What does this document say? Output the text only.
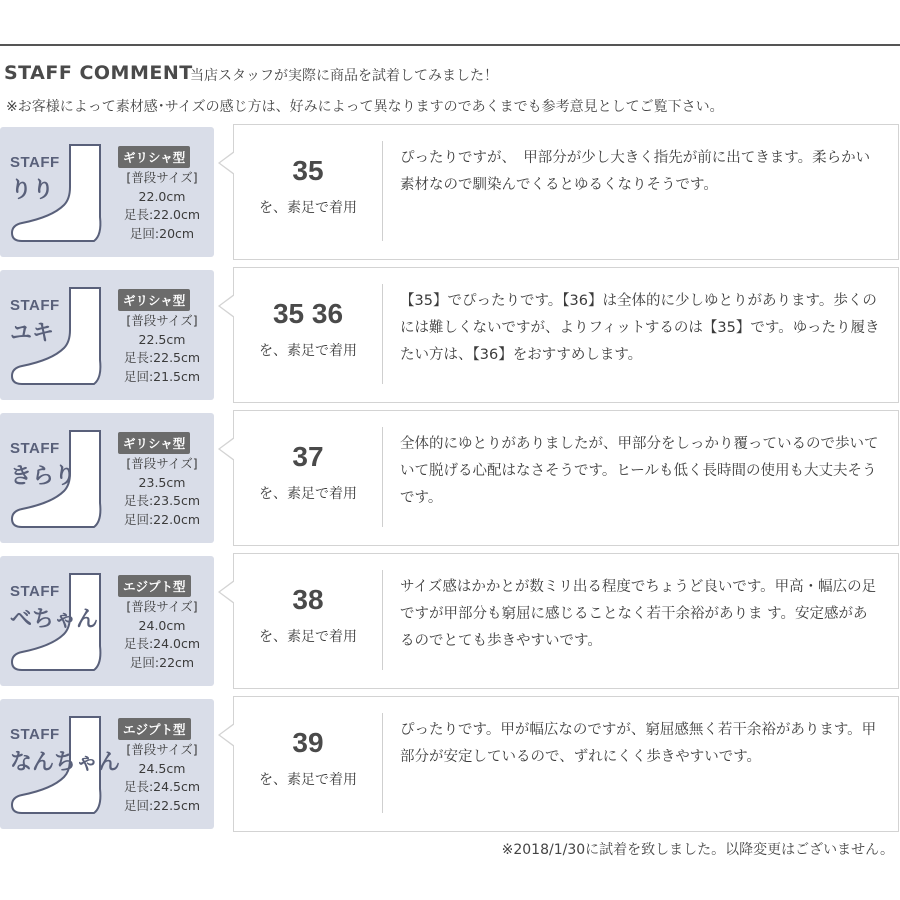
STAFF COMMENT
当店スタッフが実際に商品を試着してみました！
※お客様によって素材感･サイズの感じ方は、好みによって異なりますのであくまでも参考意見としてご覧下さい。
STAFF
りり
ギリシャ型
[普段サイズ]
22.0cm
足長:22.0cm
足回:20cm
35
を、素足で着用
ぴったりですが、　甲部分が少し大きく指先が前に出てきます。柔らかい素材なので馴染んでくるとゆるくなりそうです。
STAFF
ユキ
ギリシャ型
[普段サイズ]
22.5cm
足長:22.5cm
足回:21.5cm
35 36
を、素足で着用
【35】でぴったりです。【36】は全体的に少しゆとりがあります。歩くのには難しくないですが、よりフィットするのは【35】です。ゆったり履きたい方は、【36】をおすすめします。
STAFF
きらり
ギリシャ型
[普段サイズ]
23.5cm
足長:23.5cm
足回:22.0cm
37
を、素足で着用
全体的にゆとりがありましたが、甲部分をしっかり覆っているので歩いていて脱げる心配はなさそうです。ヒールも低く長時間の使用も大丈夫そうです。
STAFF
べちゃん
エジプト型
[普段サイズ]
24.0cm
足長:24.0cm
足回:22cm
38
を、素足で着用
サイズ感はかかとが数ミリ出る程度でちょうど良いです。甲高・幅広の足ですが甲部分も窮屈に感じることなく若干余裕がありま す。安定感があるのでとても歩きやすいです。
STAFF
なんちゃん
エジプト型
[普段サイズ]
24.5cm
足長:24.5cm
足回:22.5cm
39
を、素足で着用
ぴったりです。甲が幅広なのですが、窮屈感無く若干余裕があります。甲部分が安定しているので、ずれにくく歩きやすいです。
※2018/1/30に試着を致しました。以降変更はございません。
